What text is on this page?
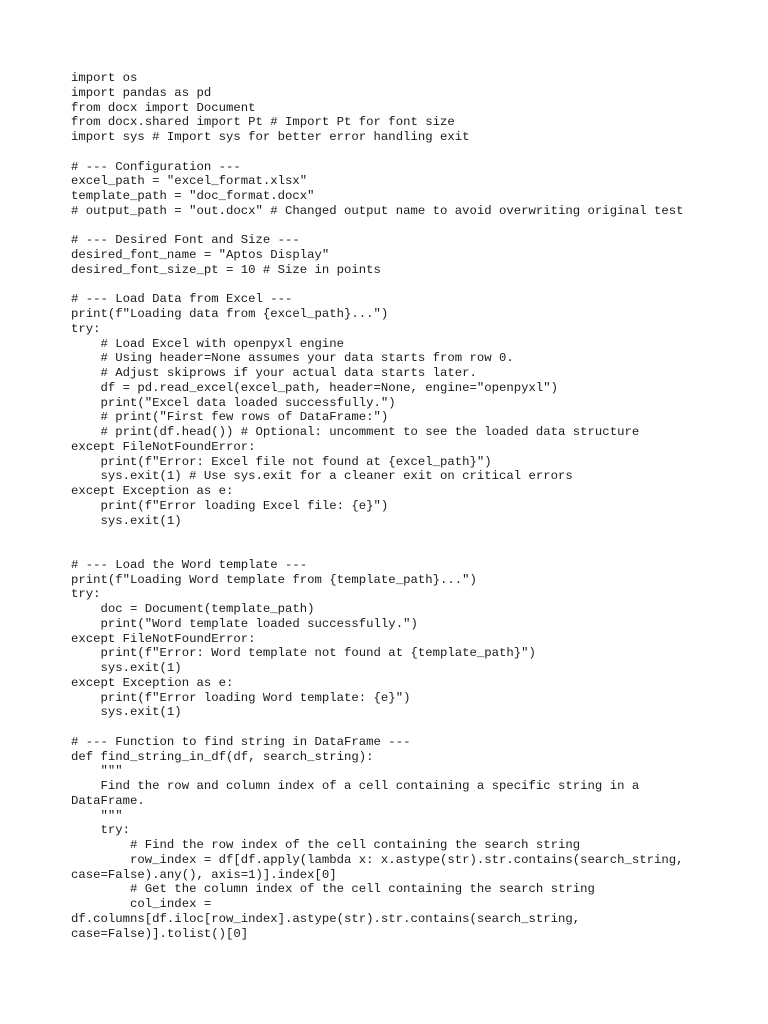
import os
import pandas as pd
from docx import Document
from docx.shared import Pt # Import Pt for font size
import sys # Import sys for better error handling exit
# --- Configuration ---
excel_path = "excel_format.xlsx"
template_path = "doc_format.docx"
# output_path = "out.docx" # Changed output name to avoid overwriting original test
# --- Desired Font and Size ---
desired_font_name = "Aptos Display"
desired_font_size_pt = 10 # Size in points
# --- Load Data from Excel ---
print(f"Loading data from {excel_path}...")
try:
# Load Excel with openpyxl engine
# Using header=None assumes your data starts from row 0.
# Adjust skiprows if your actual data starts later.
df = pd.read_excel(excel_path, header=None, engine="openpyxl")
print("Excel data loaded successfully.")
# print("First few rows of DataFrame:")
# print(df.head()) # Optional: uncomment to see the loaded data structure
except FileNotFoundError:
print(f"Error: Excel file not found at {excel_path}")
sys.exit(1) # Use sys.exit for a cleaner exit on critical errors
except Exception as e:
print(f"Error loading Excel file: {e}")
sys.exit(1)
# --- Load the Word template ---
print(f"Loading Word template from {template_path}...")
try:
doc = Document(template_path)
print("Word template loaded successfully.")
except FileNotFoundError:
print(f"Error: Word template not found at {template_path}")
sys.exit(1)
except Exception as e:
print(f"Error loading Word template: {e}")
sys.exit(1)
# --- Function to find string in DataFrame ---
def find_string_in_df(df, search_string):
"""
Find the row and column index of a cell containing a specific string in a
DataFrame.
"""
try:
# Find the row index of the cell containing the search string
row_index = df[df.apply(lambda x: x.astype(str).str.contains(search_string,
case=False).any(), axis=1)].index[0]
# Get the column index of the cell containing the search string
col_index =
df.columns[df.iloc[row_index].astype(str).str.contains(search_string,
case=False)].tolist()[0]
